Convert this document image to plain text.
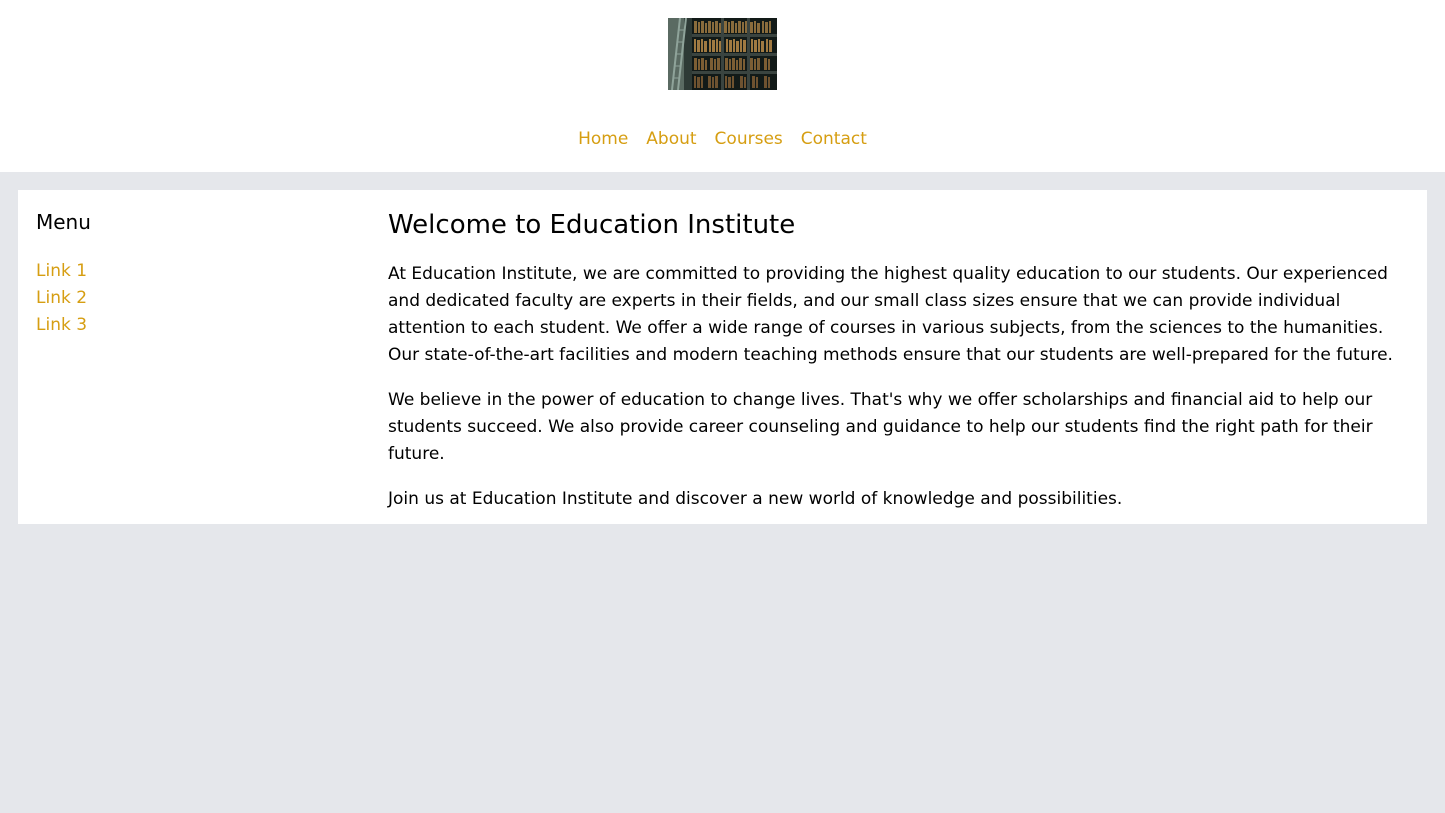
Home About Courses Contact
Menu
Link 1
Link 2
Link 3
Welcome to Education Institute

At Education Institute, we are committed to providing the highest quality education to our students. Our experienced and dedicated faculty are experts in their fields, and our small class sizes ensure that we can provide individual attention to each student. We offer a wide range of courses in various subjects, from the sciences to the humanities. Our state-of-the-art facilities and modern teaching methods ensure that our students are well-prepared for the future.

We believe in the power of education to change lives. That's why we offer scholarships and financial aid to help our students succeed. We also provide career counseling and guidance to help our students find the right path for their future.

Join us at Education Institute and discover a new world of knowledge and possibilities.
